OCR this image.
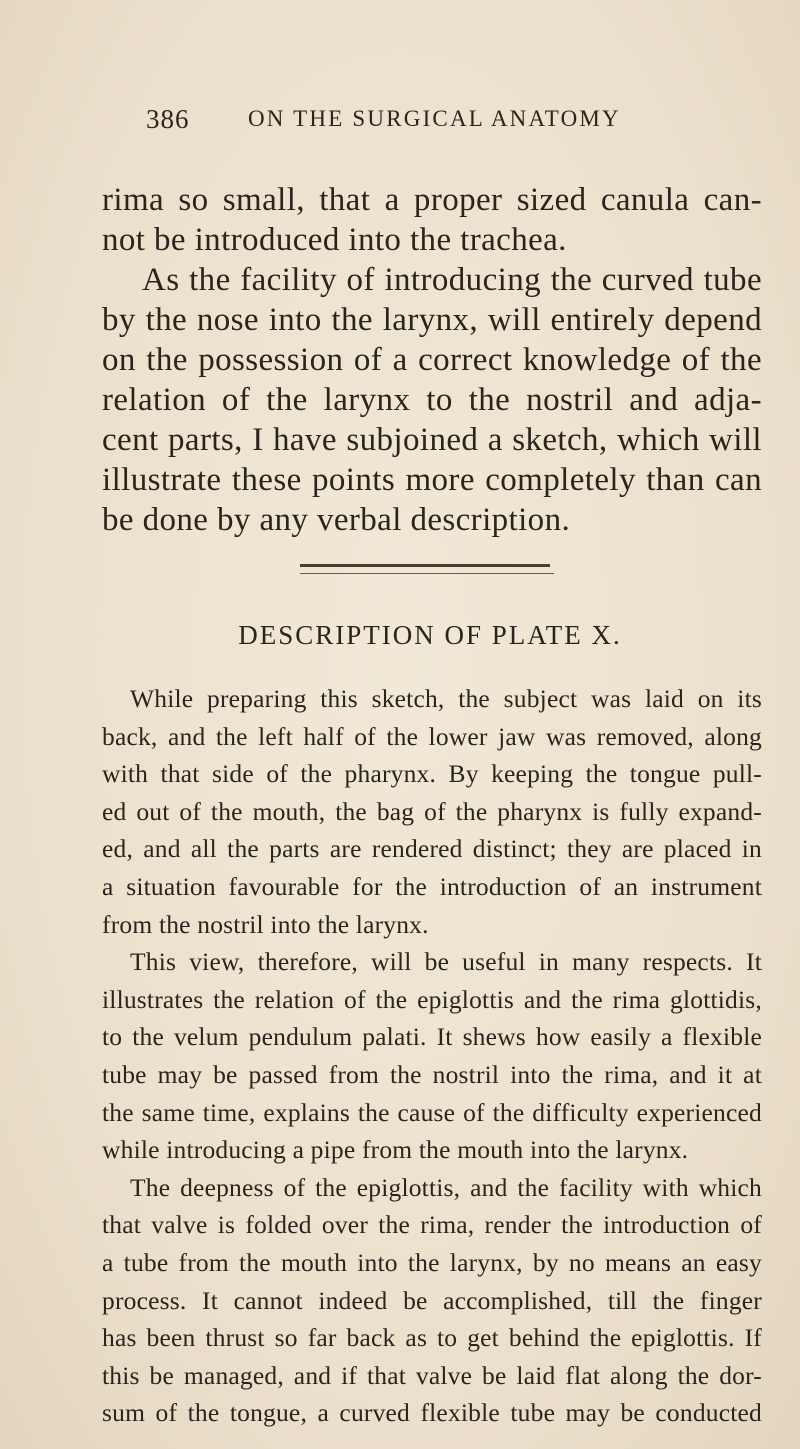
386	ON THE SURGICAL ANATOMY
rima so small, that a proper sized canula can-
not be introduced into the trachea.
As the facility of introducing the curved tube
by the nose into the larynx, will entirely depend
on the possession of a correct knowledge of the
relation of the larynx to the nostril and adja-
cent parts, I have subjoined a sketch, which will
illustrate these points more completely than can
be done by any verbal description.
DESCRIPTION OF PLATE X.
While preparing this sketch, the subject was laid on its
back, and the left half of the lower jaw was removed, along
with that side of the pharynx. By keeping the tongue pull-
ed out of the mouth, the bag of the pharynx is fully expand-
ed, and all the parts are rendered distinct; they are placed in
a situation favourable for the introduction of an instrument
from the nostril into the larynx.
This view, therefore, will be useful in many respects. It
illustrates the relation of the epiglottis and the rima glottidis,
to the velum pendulum palati. It shews how easily a flexible
tube may be passed from the nostril into the rima, and it at
the same time, explains the cause of the difficulty experienced
while introducing a pipe from the mouth into the larynx.
The deepness of the epiglottis, and the facility with which
that valve is folded over the rima, render the introduction of
a tube from the mouth into the larynx, by no means an easy
process. It cannot indeed be accomplished, till the finger
has been thrust so far back as to get behind the epiglottis. If
this be managed, and if that valve be laid flat along the dor-
sum of the tongue, a curved flexible tube may be conducted
